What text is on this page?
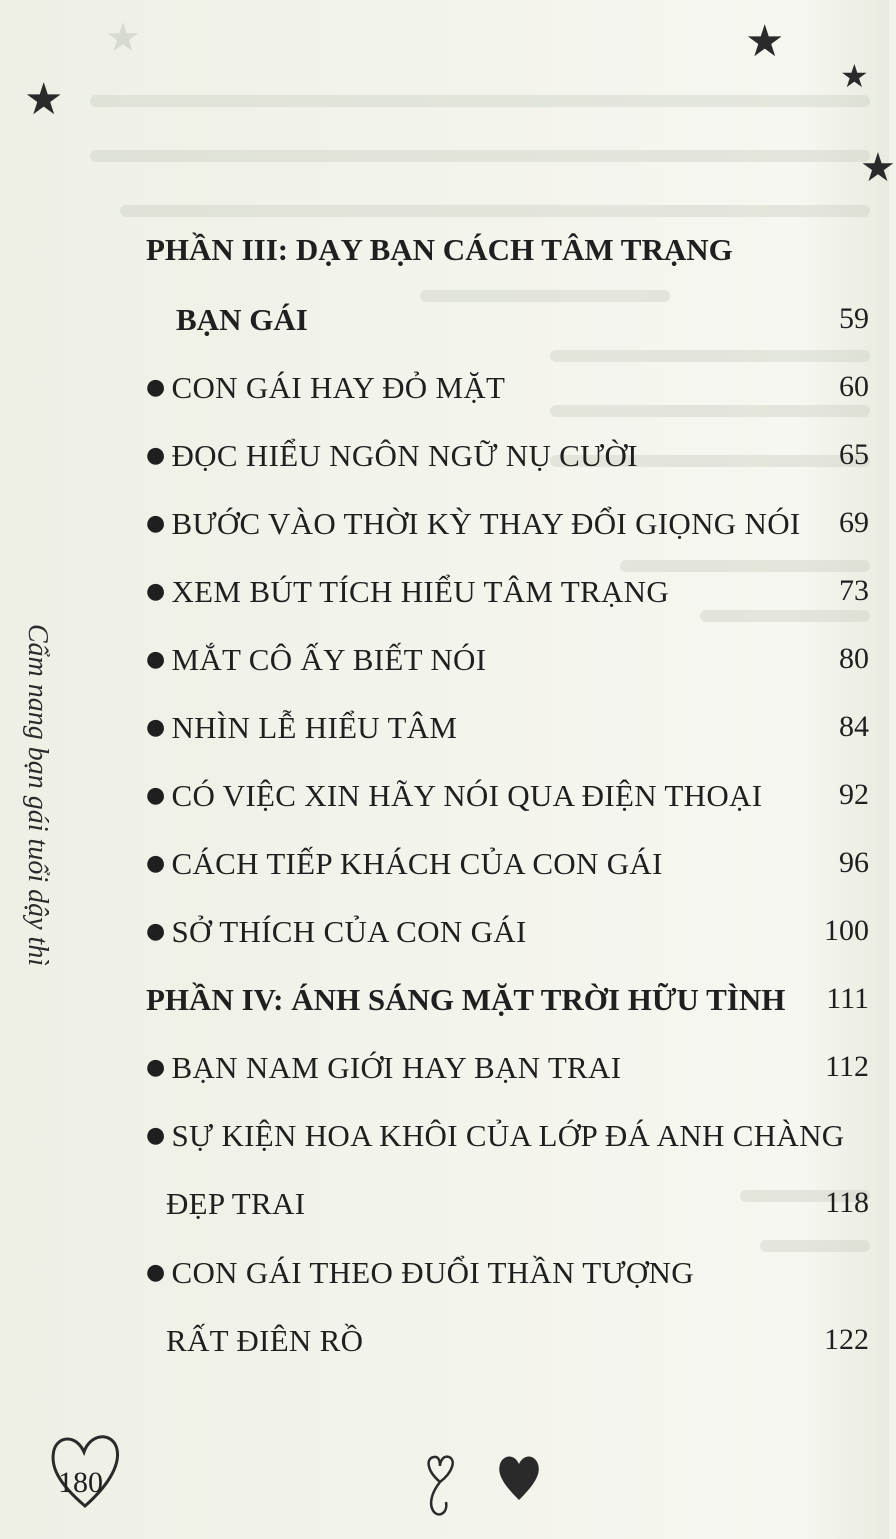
★
★
★
★
★
Cẩm nang bạn gái tuổi dậy thì
PHẦN III: DẠY BẠN CÁCH TÂM TRẠNG
BẠN GÁI	59
● CON GÁI HAY ĐỎ MẶT	60
● ĐỌC HIỂU NGÔN NGỮ NỤ CƯỜI	65
● BƯỚC VÀO THỜI KỲ THAY ĐỔI GIỌNG NÓI 69
● XEM BÚT TÍCH HIỂU TÂM TRẠNG	73
● MẮT CÔ ẤY BIẾT NÓI	80
● NHÌN LỄ HIỂU TÂM	84
● CÓ VIỆC XIN HÃY NÓI QUA ĐIỆN THOẠI	92
● CÁCH TIẾP KHÁCH CỦA CON GÁI	96
● SỞ THÍCH CỦA CON GÁI	100
PHẦN IV: ÁNH SÁNG MẶT TRỜI HỮU TÌNH 111
● BẠN NAM GIỚI HAY BẠN TRAI	112
● SỰ KIỆN HOA KHÔI CỦA LỚP ĐÁ ANH CHÀNG
ĐẸP TRAI	118
● CON GÁI THEO ĐUỔI THẦN TƯỢNG
RẤT ĐIÊN RỒ	122
180
